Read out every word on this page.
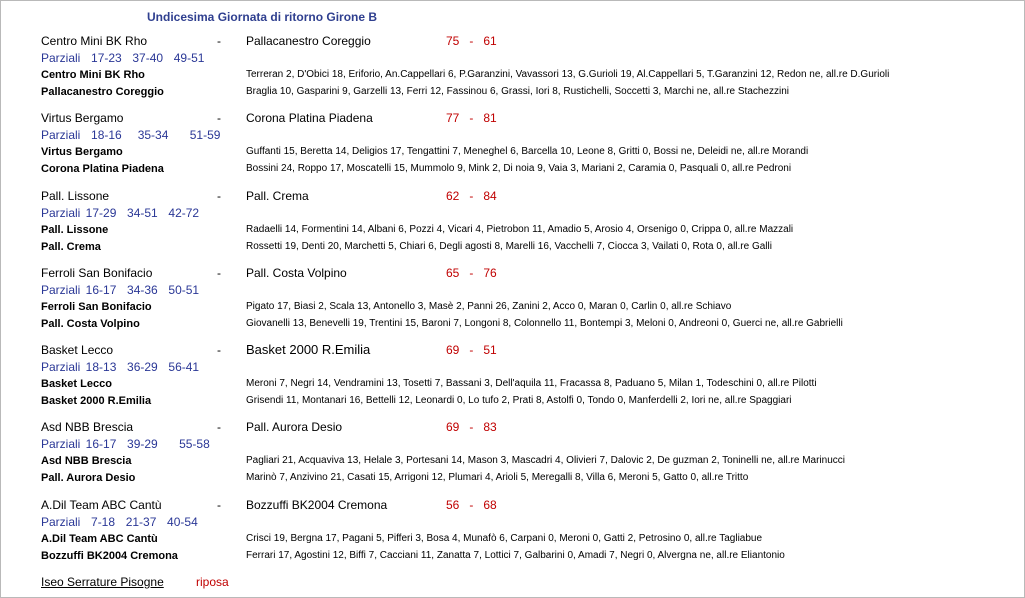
Undicesima Giornata di ritorno Girone B
Centro Mini BK Rho	- Pallacanestro Coreggio	75   -   61
Parziali  17-23  37-40  49-51
Centro Mini BK Rho	Terreran 2, D'Obici 18, Eriforio, An.Cappellari 6, P.Garanzini, Vavassori 13, G.Gurioli 19, Al.Cappellari 5, T.Garanzini 12, Redon ne, all.re D.Gurioli
Pallacanestro Coreggio	Braglia 10, Gasparini 9, Garzelli 13, Ferri 12, Fassinou 6, Grassi, Iori 8, Rustichelli, Soccetti 3, Marchi ne, all.re Stachezzini
Virtus Bergamo	- Corona Platina Piadena	77   -   81
Parziali  18-16   35-34    51-59
Virtus Bergamo	Guffanti 15, Beretta 14, Deligios 17, Tengattini 7, Meneghel 6, Barcella 10, Leone 8, Gritti 0, Bossi ne, Deleidi ne, all.re Morandi
Corona Platina Piadena	Bossini 24, Roppo 17, Moscatelli 15, Mummolo 9, Mink 2, Di noia 9, Vaia 3, Mariani 2, Caramia 0, Pasquali 0, all.re Pedroni
Pall. Lissone	- Pall. Crema	62   -   84
Parziali 17-29  34-51  42-72
Pall. Lissone	Radaelli 14, Formentini 14, Albani 6, Pozzi 4, Vicari 4, Pietrobon 11, Amadio 5, Arosio 4, Orsenigo 0, Crippa 0, all.re Mazzali
Pall. Crema	Rossetti 19, Denti 20, Marchetti 5, Chiari 6, Degli agosti 8, Marelli 16, Vacchelli 7, Ciocca 3, Vailati 0, Rota 0, all.re Galli
Ferroli San Bonifacio	- Pall. Costa Volpino	65   -   76
Parziali 16-17  34-36  50-51
Ferroli San Bonifacio	Pigato 17, Biasi 2, Scala 13, Antonello 3, Masè 2, Panni 26, Zanini 2, Acco 0, Maran 0, Carlin 0, all.re Schiavo
Pall. Costa Volpino	Giovanelli 13, Benevelli 19, Trentini 15, Baroni 7, Longoni 8, Colonnello 11, Bontempi 3, Meloni 0, Andreoni 0, Guerci ne, all.re Gabrielli
Basket Lecco	- Basket 2000 R.Emilia	69   -   51
Parziali 18-13  36-29  56-41
Basket Lecco	Meroni 7, Negri 14, Vendramini 13, Tosetti 7, Bassani 3, Dell'aquila 11, Fracassa 8, Paduano 5, Milan 1, Todeschini 0, all.re Pilotti
Basket 2000 R.Emilia	Grisendi 11, Montanari 16, Bettelli 12, Leonardi 0, Lo tufo 2, Prati 8, Astolfi 0, Tondo 0, Manferdelli 2, Iori ne, all.re Spaggiari
Asd NBB Brescia	- Pall. Aurora Desio	69   -   83
Parziali 16-17  39-29    55-58
Asd NBB Brescia	Pagliari 21, Acquaviva 13, Helale 3, Portesani 14, Mason 3, Mascadri 4, Olivieri 7, Dalovic 2, De guzman 2, Toninelli ne, all.re Marinucci
Pall. Aurora Desio	Marinò 7, Anzivino 21, Casati 15, Arrigoni 12, Plumari 4, Arioli 5, Meregalli 8, Villa 6, Meroni 5, Gatto 0, all.re Tritto
A.Dil Team ABC Cantù	- Bozzuffi BK2004 Cremona	56   -   68
Parziali  7-18  21-37  40-54
A.Dil Team ABC Cantù	Crisci 19, Bergna 17, Pagani 5, Pifferi 3, Bosa 4, Munafò 6, Carpani 0, Meroni 0, Gatti 2, Petrosino 0, all.re Tagliabue
Bozzuffi BK2004 Cremona	Ferrari 17, Agostini 12, Biffi 7, Cacciani 11, Zanatta 7, Lottici 7, Galbarini 0, Amadi 7, Negri 0, Alvergna ne, all.re Eliantonio
Iseo Serrature Pisogne	riposa
